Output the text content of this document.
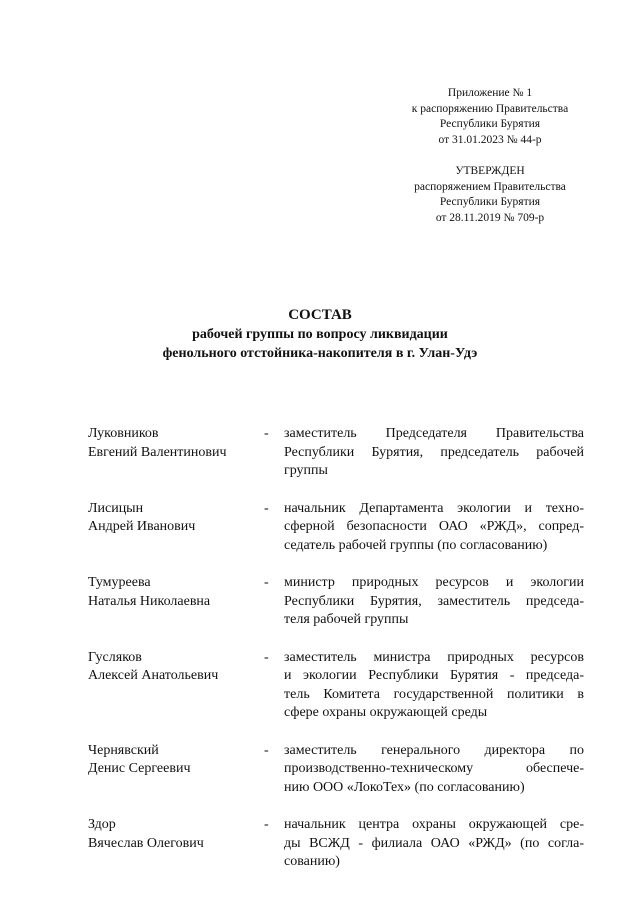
Приложение № 1
к распоряжению Правительства
Республики Бурятия
от 31.01.2023 № 44-р
УТВЕРЖДЕН
распоряжением Правительства
Республики Бурятия
от 28.11.2019 № 709-р
СОСТАВ
рабочей группы по вопросу ликвидации
фенольного отстойника-накопителя в г. Улан-Удэ
Луковников
Евгений Валентинович
-	заместитель Председателя Правительства
Республики Бурятия, председатель рабочей
группы
Лисицын
Андрей Иванович
-	начальник Департамента экологии и техно-
сферной безопасности ОАО «РЖД», сопред-
седатель рабочей группы (по согласованию)
Тумуреева
Наталья Николаевна
-	министр природных ресурсов и экологии
Республики Бурятия, заместитель председа-
теля рабочей группы
Гусляков
Алексей Анатольевич
-	заместитель министра природных ресурсов
и экологии Республики Бурятия - председа-
тель Комитета государственной политики в
сфере охраны окружающей среды
Чернявский
Денис Сергеевич
-	заместитель генерального директора по
производственно-техническому обеспече-
нию ООО «ЛокоТех» (по согласованию)
Здор
Вячеслав Олегович
-	начальник центра охраны окружающей сре-
ды ВСЖД - филиала ОАО «РЖД» (по согла-
сованию)
